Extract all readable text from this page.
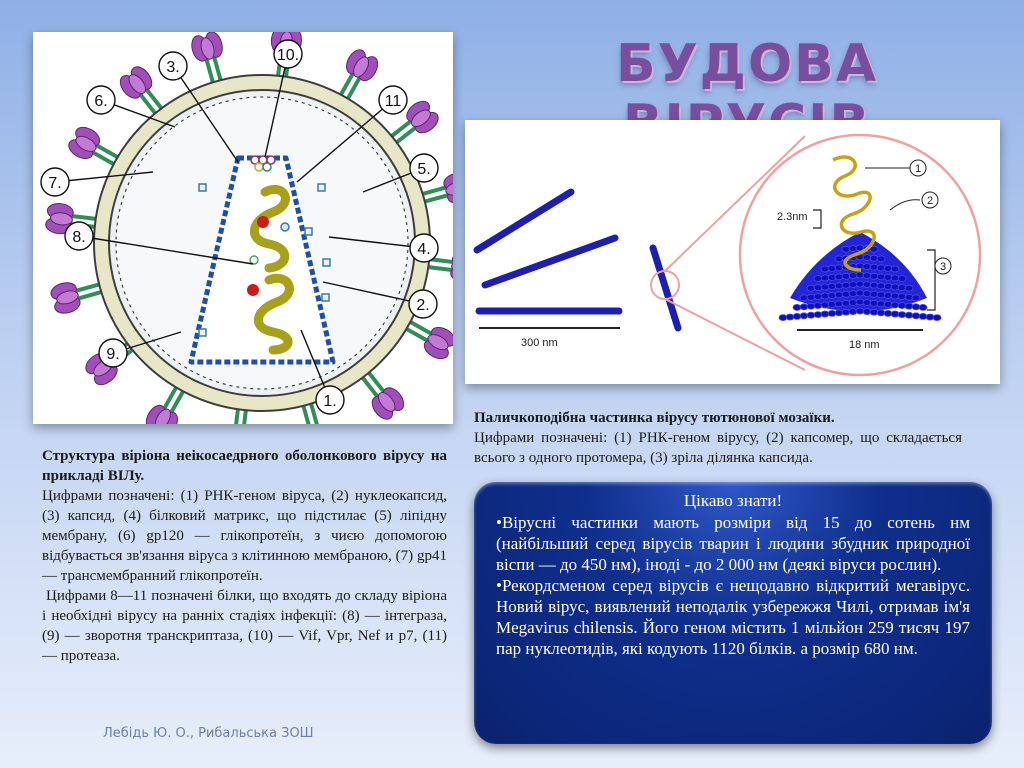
БУДОВА
1.
2.
3.
4.
5.
6.
7.
8.
9.
10.
11
300 nm	18 nm
2.3nm
1
2
3
Структура віріона неікосаедрного оболонкового вірусу на прикладі ВІЛу.

Цифрами позначені: (1) РНК-геном віруса, (2) нуклеокапсид, (3) капсид, (4) білковий матрикс, що підстилає (5) ліпідну мембрану, (6) gp120 — глікопротеїн, з чиєю допомогою відбувається зв'язання віруса з клітинною мембраною, (7) gp41 — трансмембранний глікопротеїн.

Цифрами 8—11 позначені білки, що входять до складу віріона і необхідні вірусу на ранніх стадіях інфекції: (8) — інтеграза, (9) — зворотня транскриптаза, (10) — Vif, Vpr, Nef и p7, (11) — протеаза.

Паличкоподібна частинка вірусу тютюнової мозаїки.

Цифрами позначені: (1) РНК-геном вірусу, (2) капсомер, що складається всього з одного протомера, (3) зріла ділянка капсида.

Цікаво знати!

•Вірусні частинки мають розміри від 15 до сотень нм (найбільший серед вірусів тварин і людини збудник природної віспи — до 450 нм), іноді - до 2 000 нм (деякі віруси рослин).

•Рекордсменом серед вірусів є нещодавно відкритий мегавірус. Новий вірус, виявлений неподалік узбережжя Чилі, отримав ім'я Megavirus chilensis. Його геном містить 1 мільйон 259 тисяч 197 пар нуклеотидів, які кодують 1120 білків. а розмір 680 нм.

Лебідь Ю. О., Рибальська ЗОШ
